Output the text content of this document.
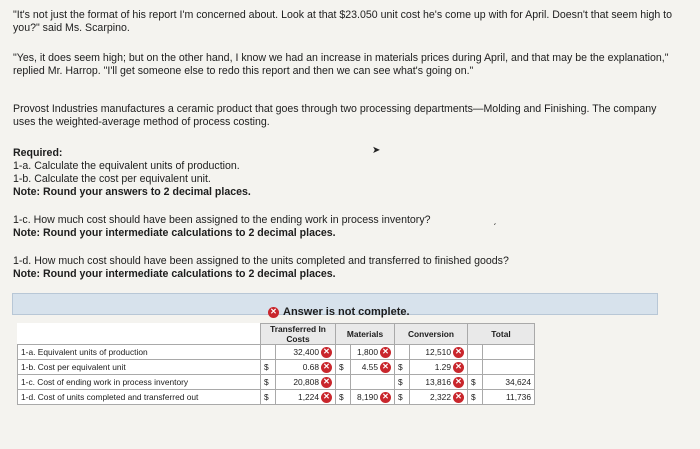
"It's not just the format of his report I'm concerned about. Look at that $23.050 unit cost he's come up with for April. Doesn't that seem high to you?" said Ms. Scarpino.
"Yes, it does seem high; but on the other hand, I know we had an increase in materials prices during April, and that may be the explanation," replied Mr. Harrop. "I'll get someone else to redo this report and then we can see what's going on."
Provost Industries manufactures a ceramic product that goes through two processing departments—Molding and Finishing. The company uses the weighted-average method of process costing.
Required:
1-a. Calculate the equivalent units of production.
1-b. Calculate the cost per equivalent unit.
Note: Round your answers to 2 decimal places.
1-c. How much cost should have been assigned to the ending work in process inventory?
Note: Round your intermediate calculations to 2 decimal places.
1-d. How much cost should have been assigned to the units completed and transferred to finished goods?
Note: Round your intermediate calculations to 2 decimal places.
➤
ˏ
✕ Answer is not complete.
	Transferred In Costs		Materials		Conversion		Total	
1-a. Equivalent units of production		32,400 ✕		1,800 ✕		12,510 ✕		

1-b. Cost per equivalent unit	$	0.68 ✕	$	4.55 ✕	$	1.29 ✕		

1-c. Cost of ending work in process inventory	$	20,808 ✕			$	13,816 ✕	$	34,624

1-d. Cost of units completed and transferred out	$	1,224 ✕	$	8,190 ✕	$	2,322 ✕	$	11,736
